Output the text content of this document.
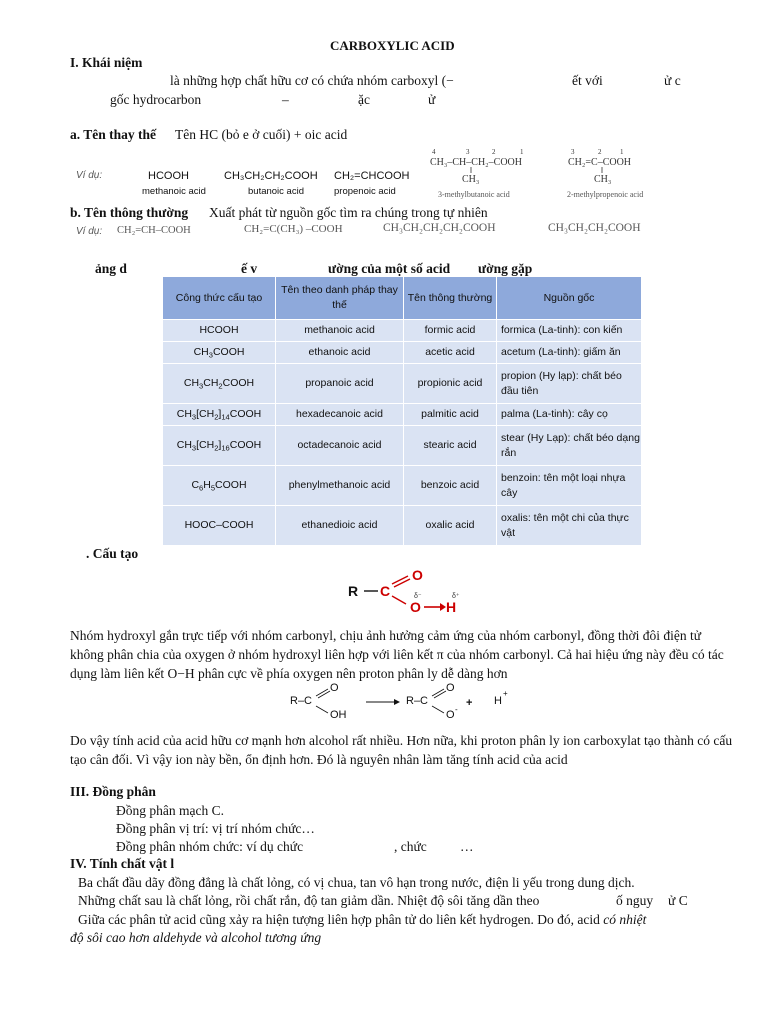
CARBOXYLIC ACID
I. Khái niệm
là những hợp chất hữu cơ có chứa nhóm carboxyl (−	ết với	ử c
gốc hydrocarbon	–	ặc	ử
a. Tên thay thế Tên HC (bỏ e ở cuối) + oic acid
Ví dụ:	HCOOH
methanoic acid
CH₃CH₂CH₂COOH
butanoic acid
CH₂=CHCOOH
propenoic acid
4	3	2	1
CH₃–CH–CH₂–COOH
CH₃
3-methylbutanoic acid
3	2	1
CH₂=C–COOH
CH₃
2-methylpropenoic acid
b. Tên thông thường Xuất phát từ nguồn gốc tìm ra chúng trong tự nhiên
Ví dụ: CH₂=CH–COOH	CH₂=C(CH₃) –COOH	CH₃CH₂CH₂CH₂COOH	CH₃CH₂CH₂COOH
ảng d	ế v	ường của một số acid ường gặp
Công thức cấu tạo	Tên theo danh pháp thay thế	Tên thông thường	Nguồn gốc
HCOOH	methanoic acid	formic acid	formica (La-tinh): con kiến
$CH_3COOH$	ethanoic acid	acetic acid	acetum (La-tinh): giấm ăn
$CH_3CH_2COOH$	propanoic acid	propionic acid	propion (Hy lạp): chất béo đầu tiên
$CH_3[CH_2]_{14}COOH$	hexadecanoic acid	palmitic acid	palma (La-tinh): cây cọ
$CH_3[CH_2]_{16}COOH$	octadecanoic acid	stearic acid	stear (Hy Lạp): chất béo dạng rắn
$C_6H_5COOH$	phenylmethanoic acid	benzoic acid	benzoin: tên một loại nhựa cây
HOOC–COOH	ethanedioic acid	oxalic acid	oxalis: tên một chi của thực vật
. Cấu tạo
R C
O
O H
δ⁻	δ⁺
Nhóm hydroxyl gắn trực tiếp với nhóm carbonyl, chịu ảnh hưởng cảm ứng của nhóm carbonyl, đồng thời đôi điện tử không phân chia của oxygen ở nhóm hydroxyl liên hợp với liên kết π của nhóm carbonyl. Cả hai hiệu ứng này đều có tác dụng làm liên kết O−H phân cực về phía oxygen nên proton phân ly dễ dàng hơn
R–C
O
OH
R–C
O
O -
+ H
+
Do vậy tính acid của acid hữu cơ mạnh hơn alcohol rất nhiều. Hơn nữa, khi proton phân ly ion carboxylat tạo thành có cấu tạo cân đối. Vì vậy ion này bền, ổn định hơn. Đó là nguyên nhân làm tăng tính acid của acid
III. Đồng phân
Đồng phân mạch C.
Đồng phân vị trí: vị trí nhóm chức…
Đồng phân nhóm chức: ví dụ chức	, chức …
IV. Tính chất vật l
Ba chất đầu dãy đồng đẳng là chất lỏng, có vị chua, tan vô hạn trong nước, điện li yếu trong dung dịch.
Những chất sau là chất lỏng, rồi chất rắn, độ tan giảm dần. Nhiệt độ sôi tăng dần theo	ố nguy ử C
Giữa các phân tử acid cũng xảy ra hiện tượng liên hợp phân tử do liên kết hydrogen. Do đó, acid có nhiệt
độ sôi cao hơn aldehyde và alcohol tương ứng
